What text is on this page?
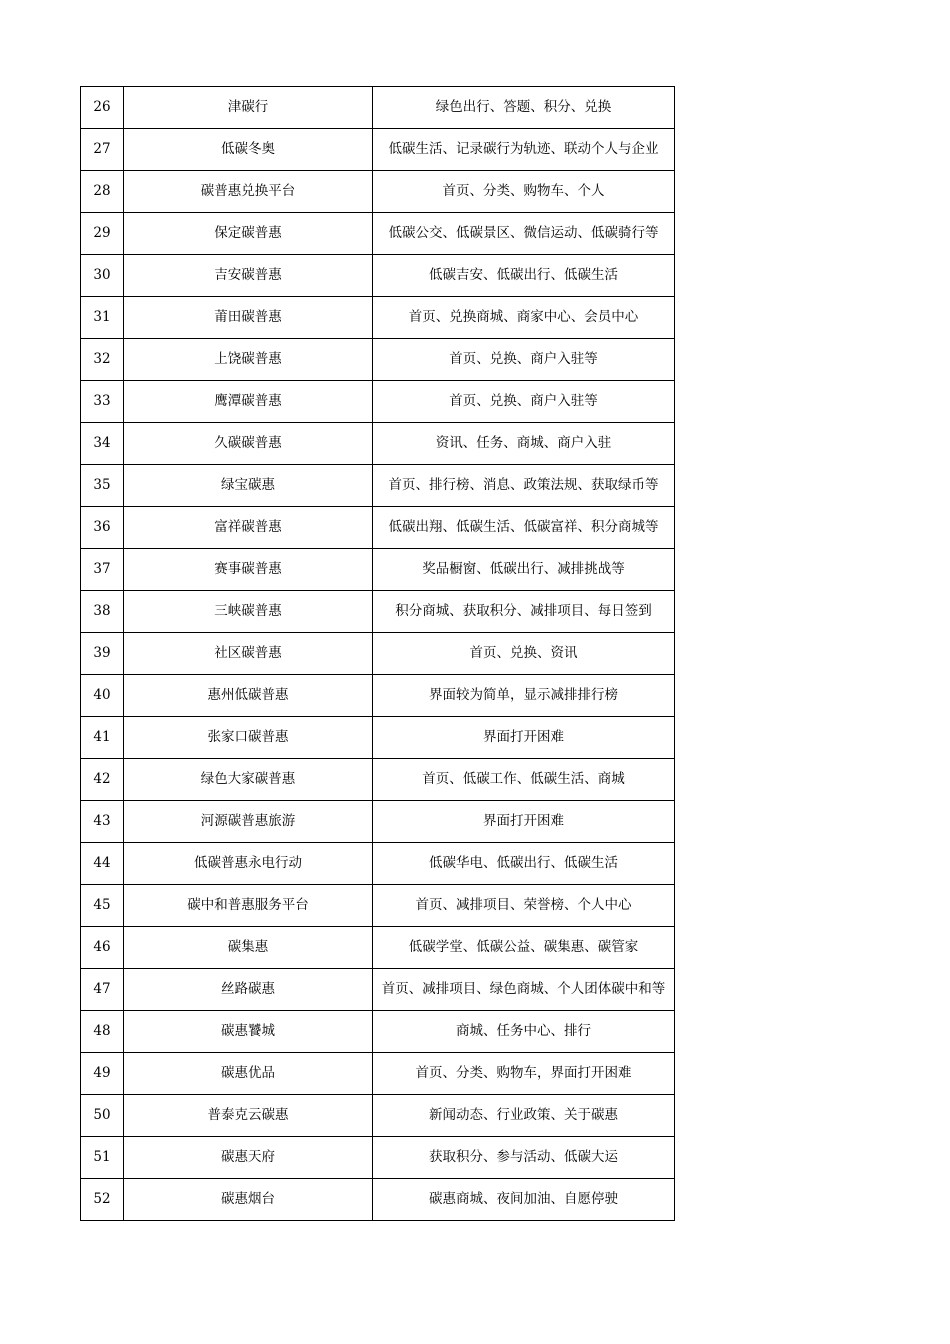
26	津碳行	绿色出行、答题、积分、兑换
27	低碳冬奥	低碳生活、记录碳行为轨迹、联动个人与企业
28	碳普惠兑换平台	首页、分类、购物车、个人
29	保定碳普惠	低碳公交、低碳景区、微信运动、低碳骑行等
30	吉安碳普惠	低碳吉安、低碳出行、低碳生活
31	莆田碳普惠	首页、兑换商城、商家中心、会员中心
32	上饶碳普惠	首页、兑换、商户入驻等
33	鹰潭碳普惠	首页、兑换、商户入驻等
34	久碳碳普惠	资讯、任务、商城、商户入驻
35	绿宝碳惠	首页、排行榜、消息、政策法规、获取绿币等
36	富祥碳普惠	低碳出翔、低碳生活、低碳富祥、积分商城等
37	赛事碳普惠	奖品橱窗、低碳出行、减排挑战等
38	三峡碳普惠	积分商城、获取积分、减排项目、每日签到
39	社区碳普惠	首页、兑换、资讯
40	惠州低碳普惠	界面较为简单，显示减排排行榜
41	张家口碳普惠	界面打开困难
42	绿色大家碳普惠	首页、低碳工作、低碳生活、商城
43	河源碳普惠旅游	界面打开困难
44	低碳普惠永电行动	低碳华电、低碳出行、低碳生活
45	碳中和普惠服务平台	首页、减排项目、荣誉榜、个人中心
46	碳集惠	低碳学堂、低碳公益、碳集惠、碳管家
47	丝路碳惠	首页、减排项目、绿色商城、个人团体碳中和等
48	碳惠饕城	商城、任务中心、排行
49	碳惠优品	首页、分类、购物车，界面打开困难
50	普泰克云碳惠	新闻动态、行业政策、关于碳惠
51	碳惠天府	获取积分、参与活动、低碳大运
52	碳惠烟台	碳惠商城、夜间加油、自愿停驶
